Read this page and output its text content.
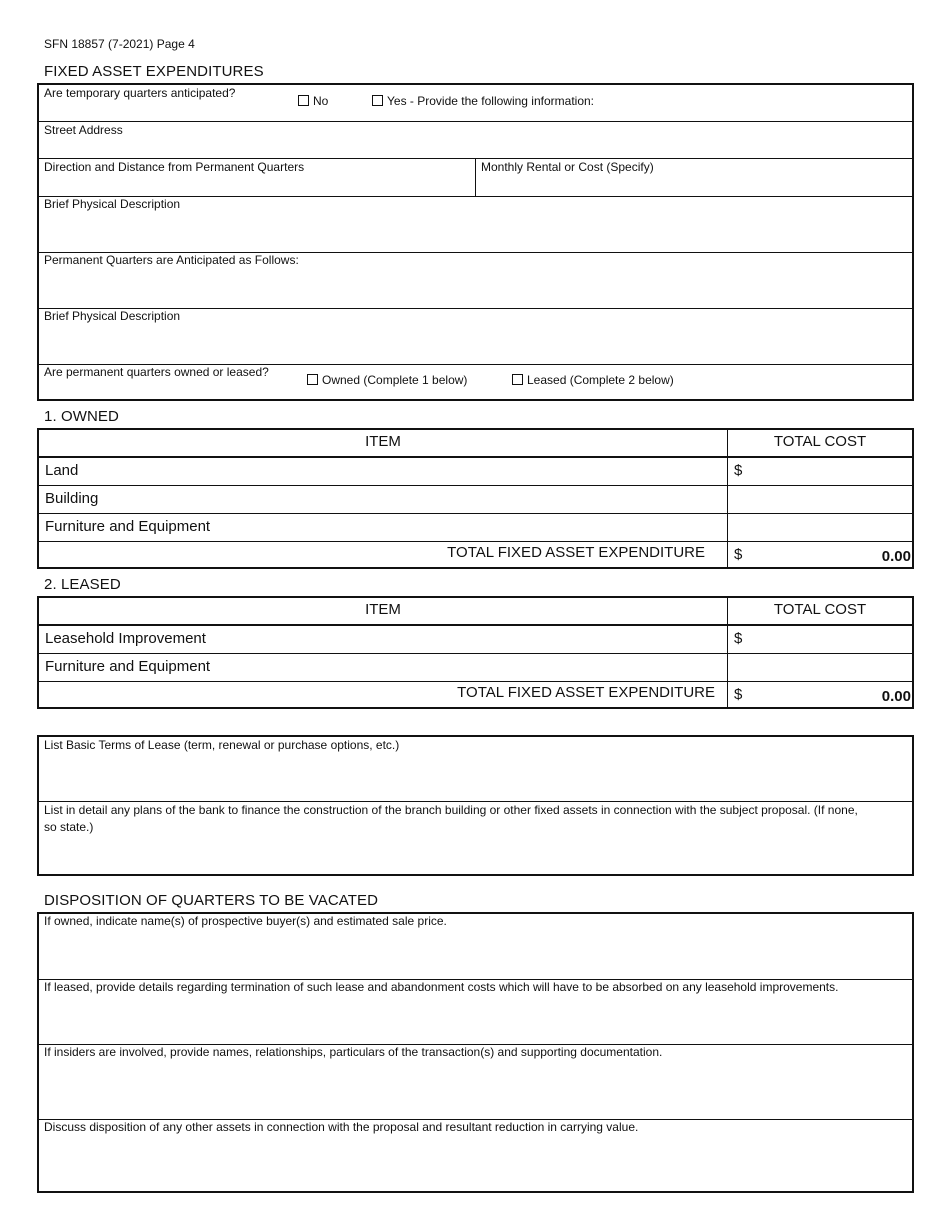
SFN 18857 (7-2021) Page 4
FIXED ASSET EXPENDITURES
Are temporary quarters anticipated?
No	Yes - Provide the following information:
Street Address
Direction and Distance from Permanent Quarters	Monthly Rental or Cost (Specify)
Brief Physical Description
Permanent Quarters are Anticipated as Follows:
Brief Physical Description
Are permanent quarters owned or leased?
Owned (Complete 1 below)	Leased (Complete 2 below)
1. OWNED
ITEM	TOTAL COST
Land	$
Building
Furniture and Equipment
TOTAL FIXED ASSET EXPENDITURE $	0.00
2. LEASED
ITEM	TOTAL COST
Leasehold Improvement	$
Furniture and Equipment
TOTAL FIXED ASSET EXPENDITURE $	0.00
List Basic Terms of Lease (term, renewal or purchase options, etc.)
List in detail any plans of the bank to finance the construction of the branch building or other fixed assets in connection with the subject proposal. (If none, so state.)
DISPOSITION OF QUARTERS TO BE VACATED
If owned, indicate name(s) of prospective buyer(s) and estimated sale price.
If leased, provide details regarding termination of such lease and abandonment costs which will have to be absorbed on any leasehold improvements.
If insiders are involved, provide names, relationships, particulars of the transaction(s) and supporting documentation.
Discuss disposition of any other assets in connection with the proposal and resultant reduction in carrying value.
